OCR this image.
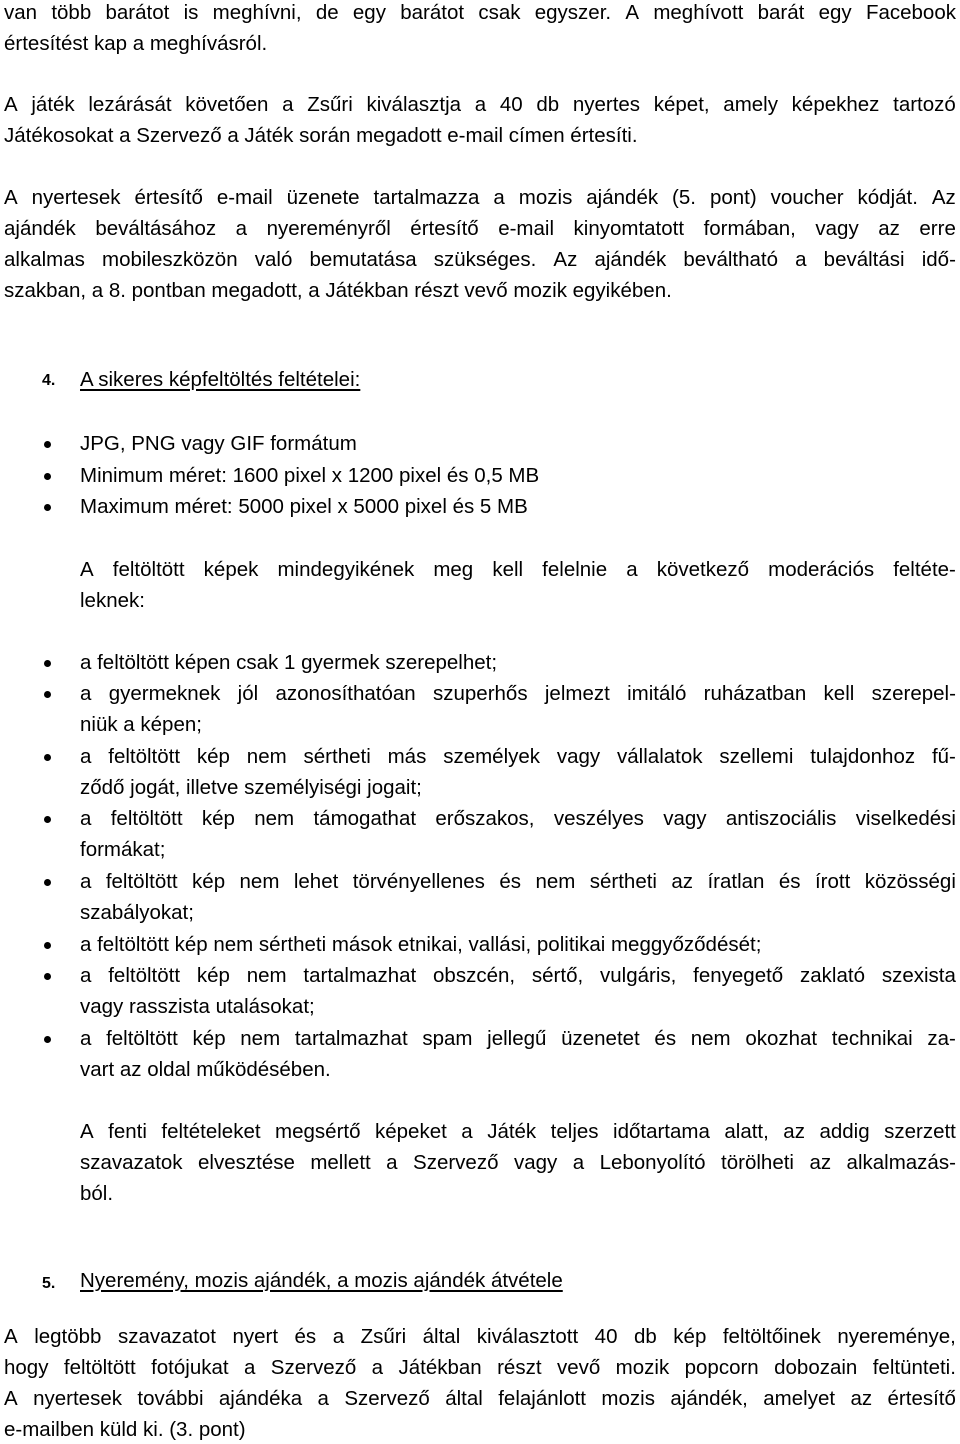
van több barátot is meghívni, de egy barátot csak egyszer. A meghívott barát egy Facebook
értesítést kap a meghívásról.
A játék lezárását követően a Zsűri kiválasztja a 40 db nyertes képet, amely képekhez tartozó
Játékosokat a Szervező a Játék során megadott e-mail címen értesíti.
A nyertesek értesítő e-mail üzenete tartalmazza a mozis ajándék (5. pont) voucher kódját. Az
ajándék beváltásához a nyereményről értesítő e-mail kinyomtatott formában, vagy az erre
alkalmas mobileszközön való bemutatása szükséges. Az ajándék beváltható a beváltási idő-
szakban, a 8. pontban megadott, a Játékban részt vevő mozik egyikében.
4. A sikeres képfeltöltés feltételei:
JPG, PNG vagy GIF formátum
Minimum méret: 1600 pixel x 1200 pixel és 0,5 MB
Maximum méret: 5000 pixel x 5000 pixel és 5 MB
A feltöltött képek mindegyikének meg kell felelnie a következő moderációs feltéte-
leknek:
a feltöltött képen csak 1 gyermek szerepelhet;
a gyermeknek jól azonosíthatóan szuperhős jelmezt imitáló ruházatban kell szerepel-
niük a képen;
a feltöltött kép nem sértheti más személyek vagy vállalatok szellemi tulajdonhoz fű-
ződő jogát, illetve személyiségi jogait;
a feltöltött kép nem támogathat erőszakos, veszélyes vagy antiszociális viselkedési
formákat;
a feltöltött kép nem lehet törvényellenes és nem sértheti az íratlan és írott közösségi
szabályokat;
a feltöltött kép nem sértheti mások etnikai, vallási, politikai meggyőződését;
a feltöltött kép nem tartalmazhat obszcén, sértő, vulgáris, fenyegető zaklató szexista
vagy rasszista utalásokat;
a feltöltött kép nem tartalmazhat spam jellegű üzenetet és nem okozhat technikai za-
vart az oldal működésében.
A fenti feltételeket megsértő képeket a Játék teljes időtartama alatt, az addig szerzett
szavazatok elvesztése mellett a Szervező vagy a Lebonyolító törölheti az alkalmazás-
ból.
5. Nyeremény, mozis ajándék, a mozis ajándék átvétele
A legtöbb szavazatot nyert és a Zsűri által kiválasztott 40 db kép feltöltőinek nyereménye,
hogy feltöltött fotójukat a Szervező a Játékban részt vevő mozik popcorn dobozain feltünteti.
A nyertesek további ajándéka a Szervező által felajánlott mozis ajándék, amelyet az értesítő
e-mailben küld ki. (3. pont)
